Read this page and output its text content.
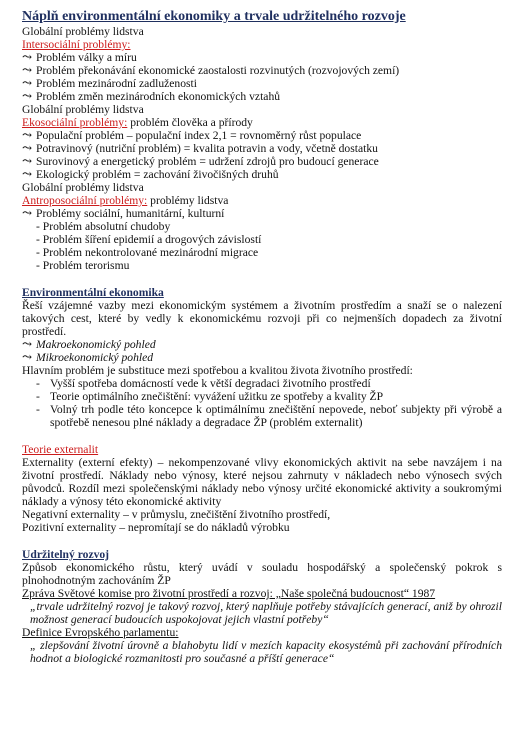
Náplň environmentální ekonomiky a trvale udržitelného rozvoje
Globální problémy lidstva
Intersociální problémy:
⤳ Problém války a míru
⤳ Problém překonávání ekonomické zaostalosti rozvinutých (rozvojových zemí)
⤳ Problém mezinárodní zadluženosti
⤳ Problém změn mezinárodních ekonomických vztahů
Globální problémy lidstva
Ekosociální problémy: problém člověka a přírody
⤳ Populační problém – populační index 2,1 = rovnoměrný růst populace
⤳ Potravinový (nutriční problém) = kvalita potravin a vody, včetně dostatku
⤳ Surovinový a energetický problém = udržení zdrojů pro budoucí generace
⤳ Ekologický problém = zachování živočišných druhů
Globální problémy lidstva
Antroposociální problémy: problémy lidstva
⤳ Problémy sociální, humanitární, kulturní
- Problém absolutní chudoby
- Problém šíření epidemií a drogových závislostí
- Problém nekontrolované mezinárodní migrace
- Problém terorismu
Environmentální ekonomika
Řeší vzájemné vazby mezi ekonomickým systémem a životním prostředím a snaží se o nalezení takových cest, které by vedly k ekonomickému rozvoji při co nejmenších dopadech za životní prostředí.
⤳ Makroekonomický pohled
⤳ Mikroekonomický pohled
Hlavním problém je substituce mezi spotřebou a kvalitou života životního prostředí:
- Vyšší spotřeba domácností vede k větší degradaci životního prostředí
- Teorie optimálního znečištění: vyvážení užitku ze spotřeby a kvality ŽP
- Volný trh podle této koncepce k optimálnímu znečištění nepovede, neboť subjekty při výrobě a spotřebě nenesou plné náklady a degradace ŽP (problém externalit)
Teorie externalit
Externality (externí efekty) – nekompenzované vlivy ekonomických aktivit na sebe navzájem i na životní prostředí. Náklady nebo výnosy, které nejsou zahrnuty v nákladech nebo výnosech svých původců. Rozdíl mezi společenskými náklady nebo výnosy určité ekonomické aktivity a soukromými náklady a výnosy této ekonomické aktivity
Negativní externality – v průmyslu, znečištění životního prostředí,
Pozitivní externality – nepromítají se do nákladů výrobku
Udržitelný rozvoj
Způsob ekonomického růstu, který uvádí v souladu hospodářský a společenský pokrok s plnohodnotným zachováním ŽP
Zpráva Světové komise pro životní prostředí a rozvoj: „Naše společná budoucnost“ 1987
„trvale udržitelný rozvoj je takový rozvoj, který naplňuje potřeby stávajících generací, aniž by ohrozil možnost generací budoucích uspokojovat jejich vlastní potřeby“
Definice Evropského parlamentu:
„ zlepšování životní úrovně a blahobytu lidí v mezích kapacity ekosystémů při zachování přírodních hodnot a biologické rozmanitosti pro současné a příští generace“
